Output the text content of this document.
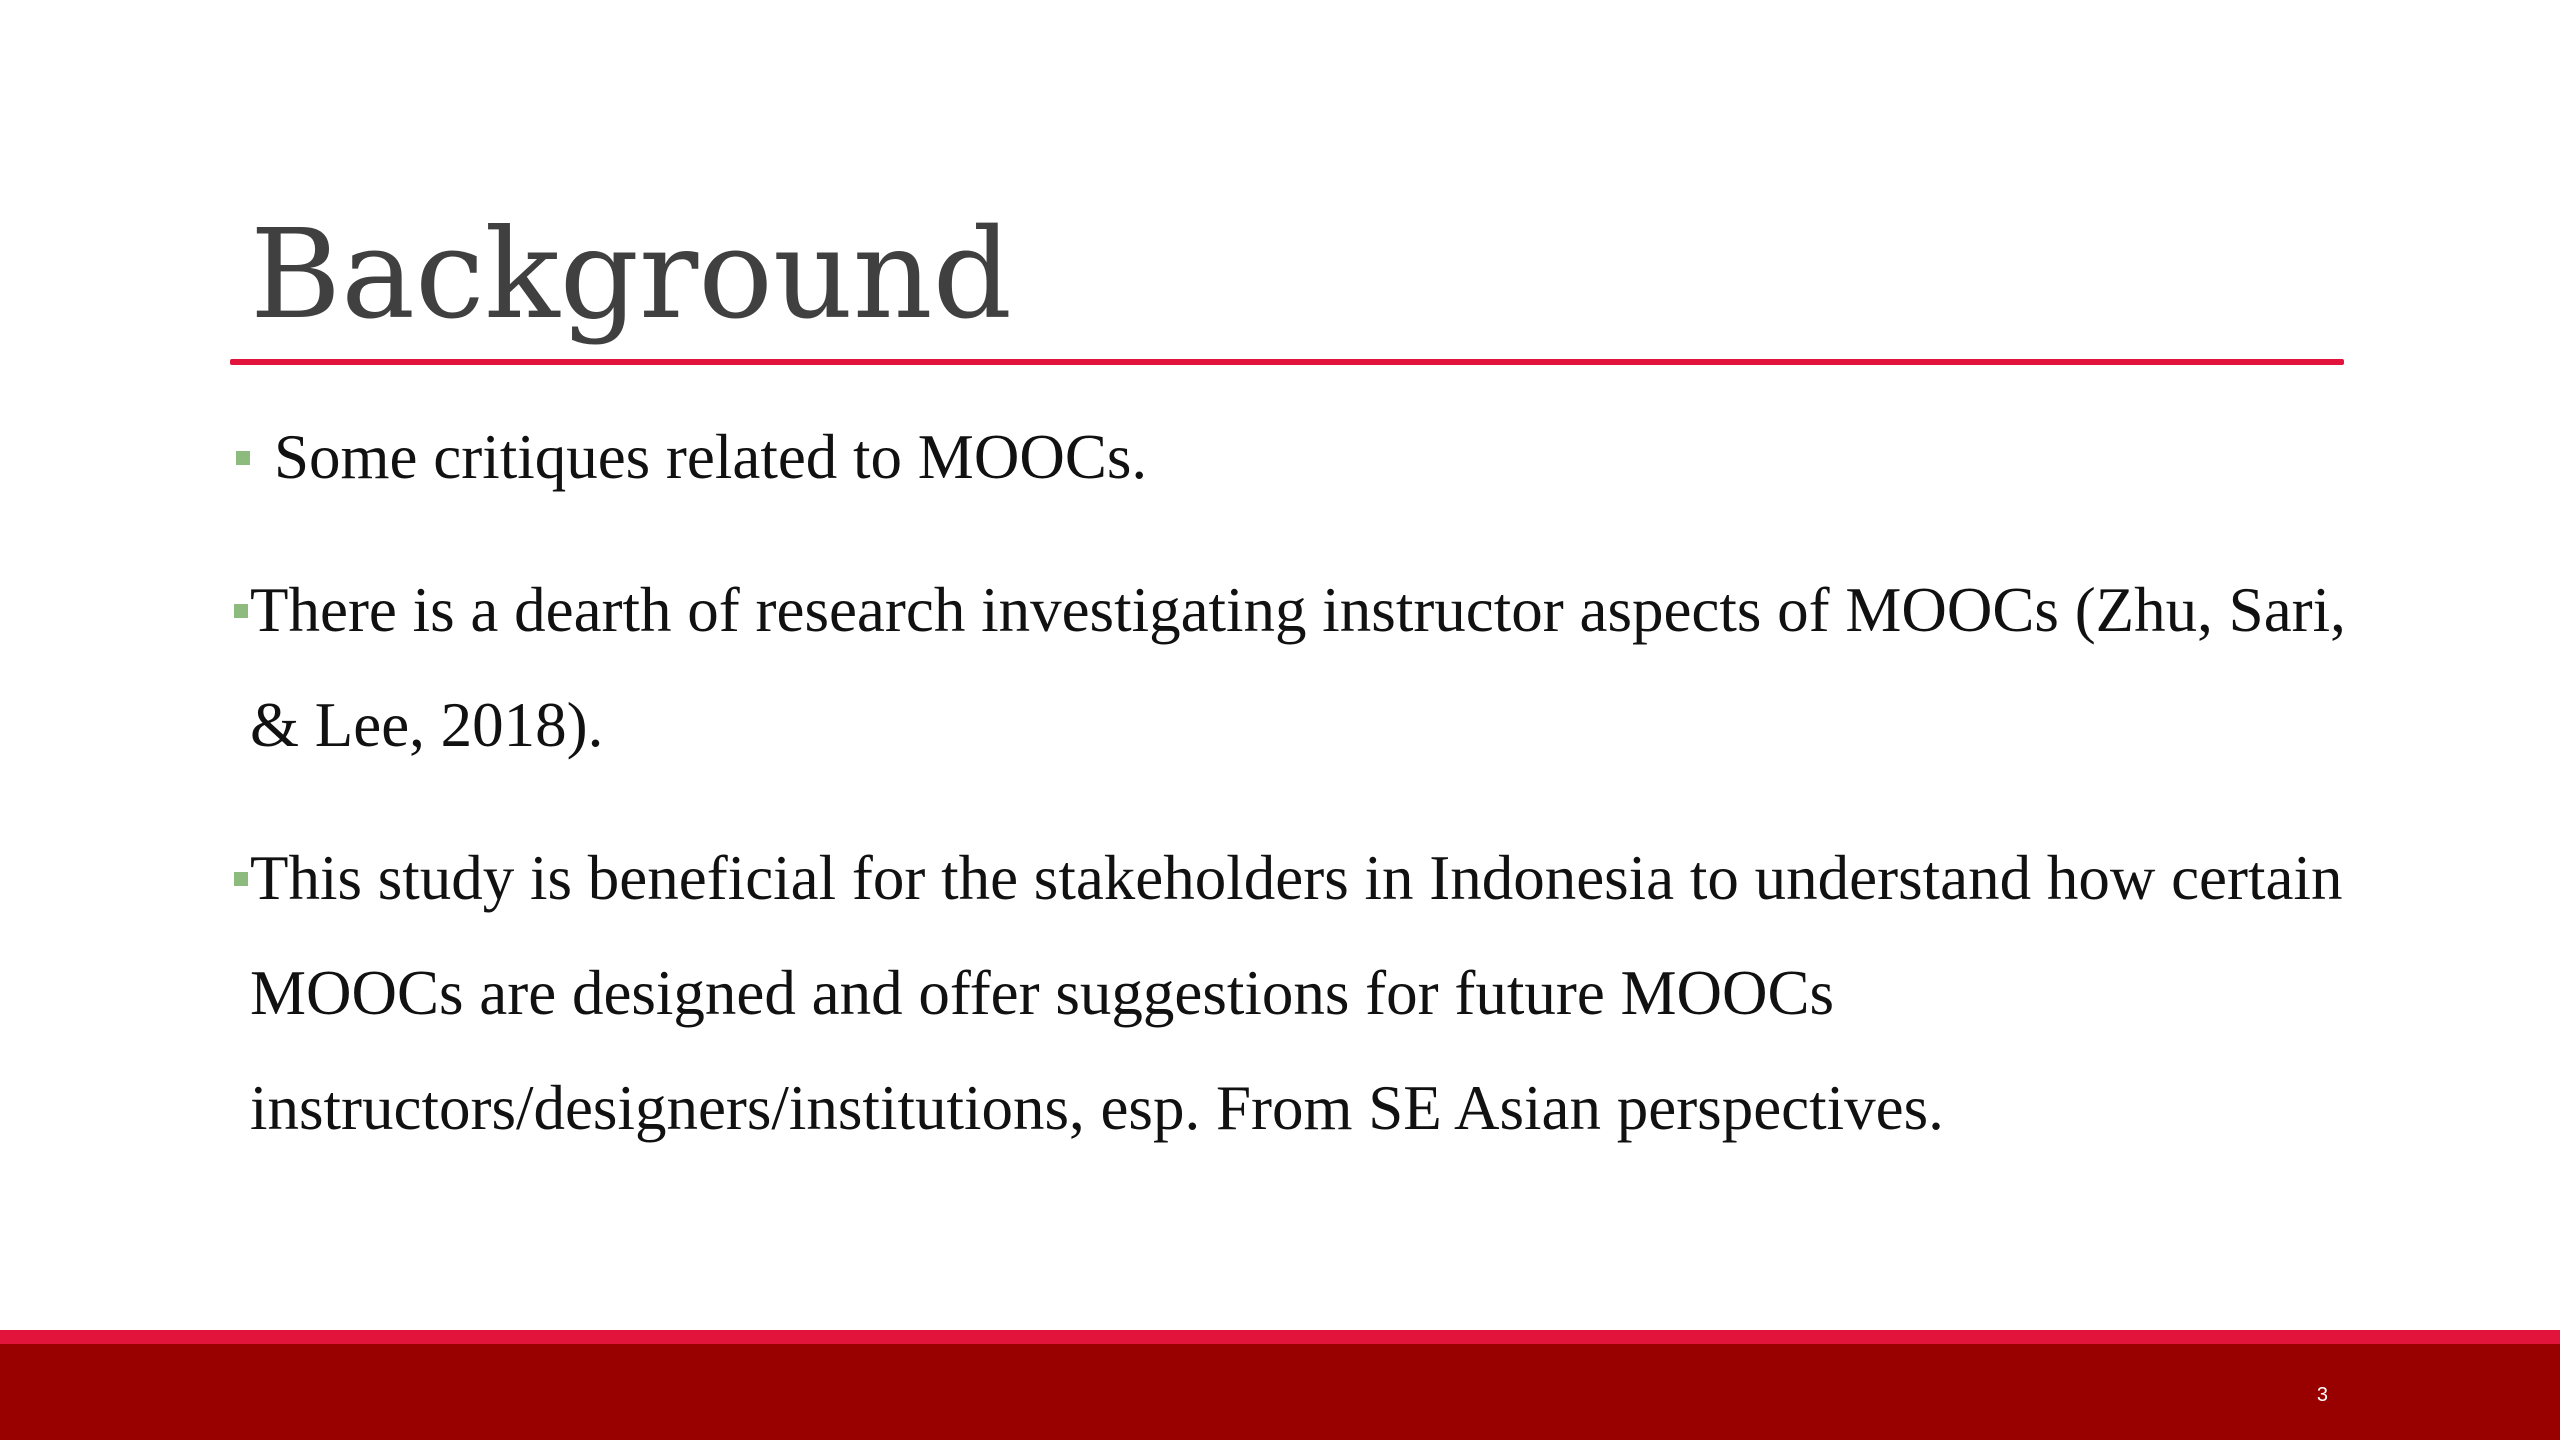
Background

Some critiques related to MOOCs.

There is a dearth of research investigating instructor aspects of MOOCs (Zhu, Sari, & Lee, 2018).

This study is beneficial for the stakeholders in Indonesia to understand how certain MOOCs are designed and offer suggestions for future MOOCs instructors/designers/institutions, esp. From SE Asian perspectives.

3
